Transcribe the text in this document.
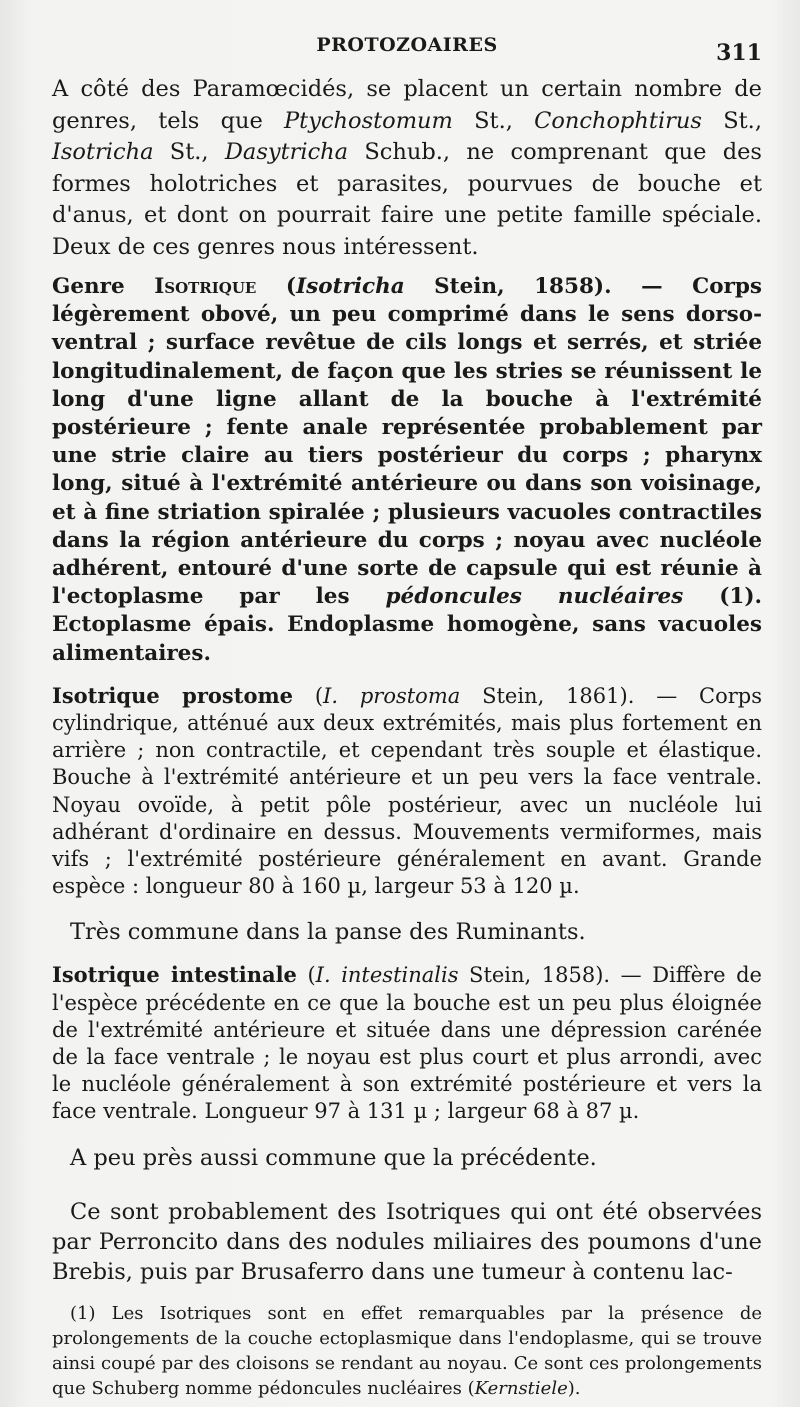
PROTOZOAIRES	311

A côté des Paramœcidés, se placent un certain nombre de genres, tels que Ptychostomum St., Conchophtirus St., Isotricha St., Dasytricha Schub., ne comprenant que des formes holotriches et parasites, pourvues de bouche et d'anus, et dont on pourrait faire une petite famille spéciale. Deux de ces genres nous intéressent.

Genre Isotrique (Isotricha Stein, 1858). — Corps légèrement obové, un peu comprimé dans le sens dorso-ventral ; surface revêtue de cils longs et serrés, et striée longitudinalement, de façon que les stries se réunissent le long d'une ligne allant de la bouche à l'extrémité postérieure ; fente anale représentée probablement par une strie claire au tiers postérieur du corps ; pharynx long, situé à l'extrémité antérieure ou dans son voisinage, et à fine striation spiralée ; plusieurs vacuoles contractiles dans la région antérieure du corps ; noyau avec nucléole adhérent, entouré d'une sorte de capsule qui est réunie à l'ectoplasme par les pédoncules nucléaires (1). Ectoplasme épais. Endoplasme homogène, sans vacuoles alimentaires.

Isotrique prostome (I. prostoma Stein, 1861). — Corps cylindrique, atténué aux deux extrémités, mais plus fortement en arrière ; non contractile, et cependant très souple et élastique. Bouche à l'extrémité antérieure et un peu vers la face ventrale. Noyau ovoïde, à petit pôle postérieur, avec un nucléole lui adhérant d'ordinaire en dessus. Mouvements vermiformes, mais vifs ; l'extrémité postérieure généralement en avant. Grande espèce : longueur 80 à 160 µ, largeur 53 à 120 µ.

Très commune dans la panse des Ruminants.

Isotrique intestinale (I. intestinalis Stein, 1858). — Diffère de l'espèce précédente en ce que la bouche est un peu plus éloignée de l'extrémité antérieure et située dans une dépression carénée de la face ventrale ; le noyau est plus court et plus arrondi, avec le nucléole généralement à son extrémité postérieure et vers la face ventrale. Longueur 97 à 131 µ ; largeur 68 à 87 µ.

A peu près aussi commune que la précédente.

Ce sont probablement des Isotriques qui ont été observées par Perroncito dans des nodules miliaires des poumons d'une Brebis, puis par Brusaferro dans une tumeur à contenu lac-

(1) Les Isotriques sont en effet remarquables par la présence de prolongements de la couche ectoplasmique dans l'endoplasme, qui se trouve ainsi coupé par des cloisons se rendant au noyau. Ce sont ces prolongements que Schuberg nomme pédoncules nucléaires (Kernstiele).
